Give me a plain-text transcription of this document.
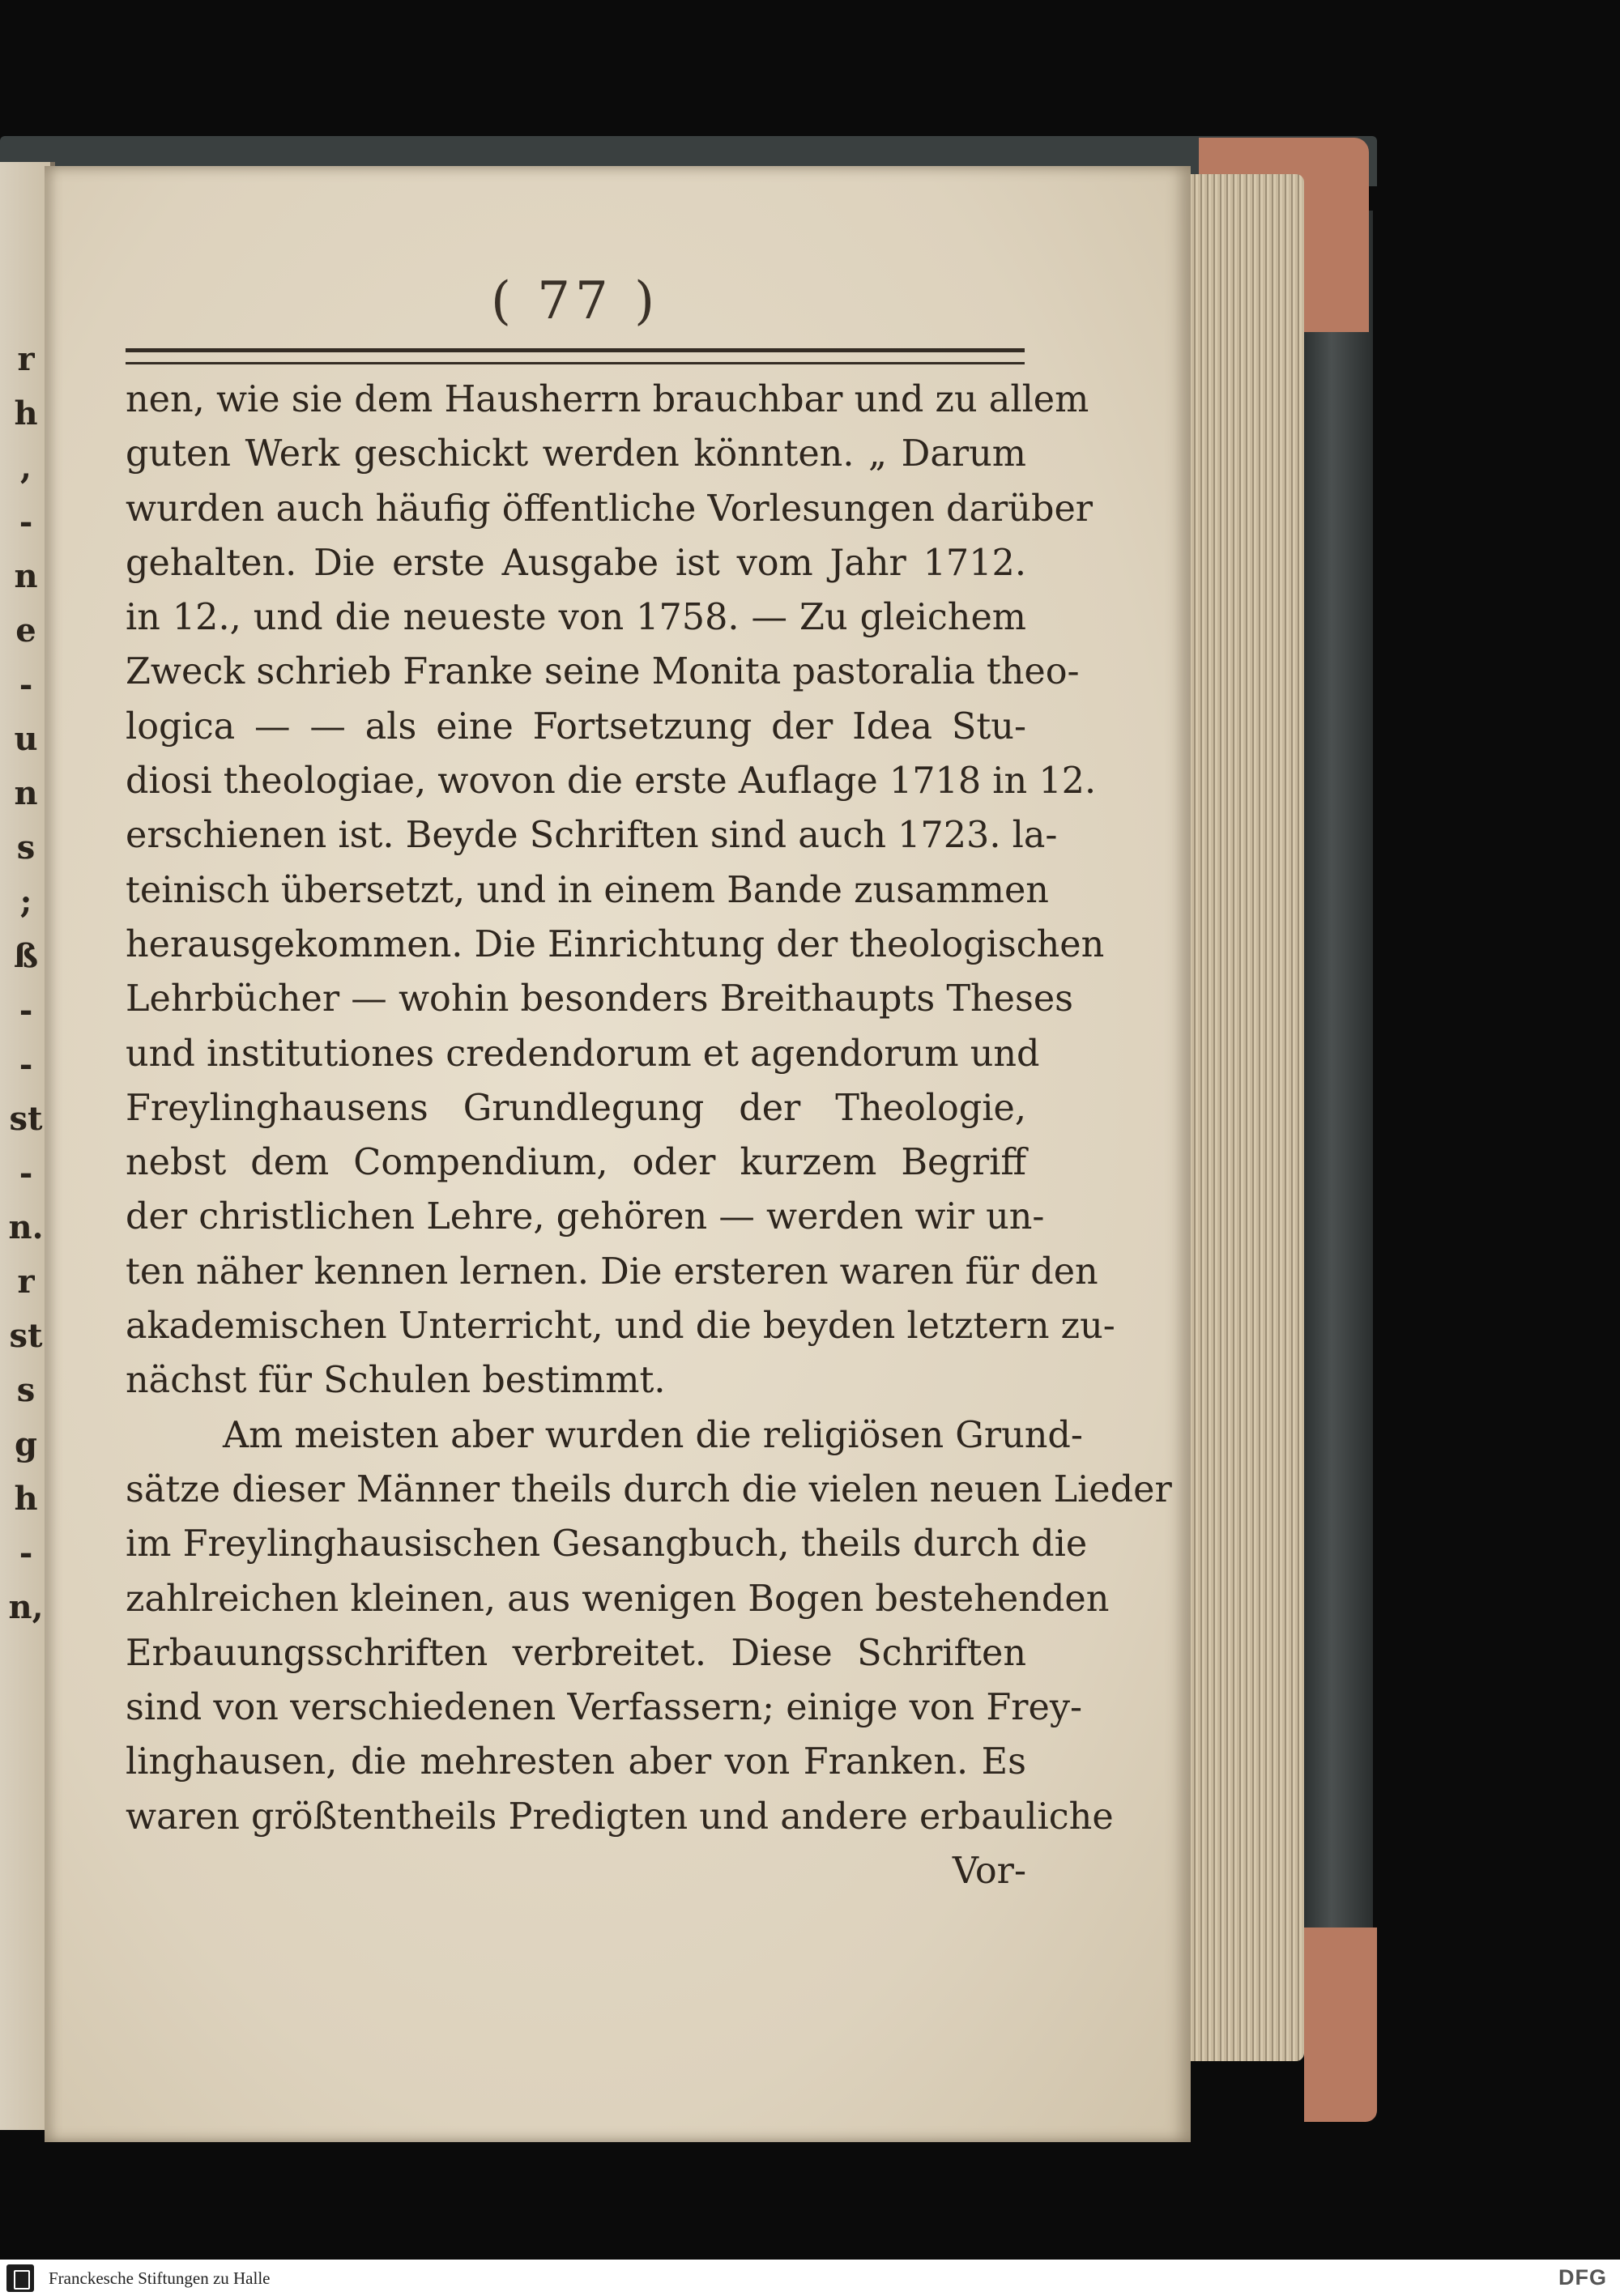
r
h
,
-
n
e
-
u
n
s
;
ß
-
-
st
-
n.
r
st
s
g
h
-
n,
( 77 )
nen, wie sie dem Hausherrn brauchbar und zu allem
guten Werk geschickt werden könnten. „ Darum
wurden auch häufig öffentliche Vorlesungen darüber
gehalten. Die erste Ausgabe ist vom Jahr 1712.
in 12., und die neueste von 1758. — Zu gleichem
Zweck schrieb Franke seine Monita pastoralia theo-
logica — — als eine Fortsetzung der Idea Stu-
diosi theologiae, wovon die erste Auflage 1718 in 12.
erschienen ist. Beyde Schriften sind auch 1723. la-
teinisch übersetzt, und in einem Bande zusammen
herausgekommen. Die Einrichtung der theologischen
Lehrbücher — wohin besonders Breithaupts Theses
und institutiones credendorum et agendorum und
Freylinghausens Grundlegung der Theologie,
nebst dem Compendium, oder kurzem Begriff
der christlichen Lehre, gehören — werden wir un-
ten näher kennen lernen. Die ersteren waren für den
akademischen Unterricht, und die beyden letztern zu-
nächst für Schulen bestimmt.
Am meisten aber wurden die religiösen Grund-
sätze dieser Männer theils durch die vielen neuen Lieder
im Freylinghausischen Gesangbuch, theils durch die
zahlreichen kleinen, aus wenigen Bogen bestehenden
Erbauungsschriften verbreitet. Diese Schriften
sind von verschiedenen Verfassern; einige von Frey-
linghausen, die mehresten aber von Franken. Es
waren größtentheils Predigten und andere erbauliche
Vor-
Franckesche Stiftungen zu Halle	DFG
